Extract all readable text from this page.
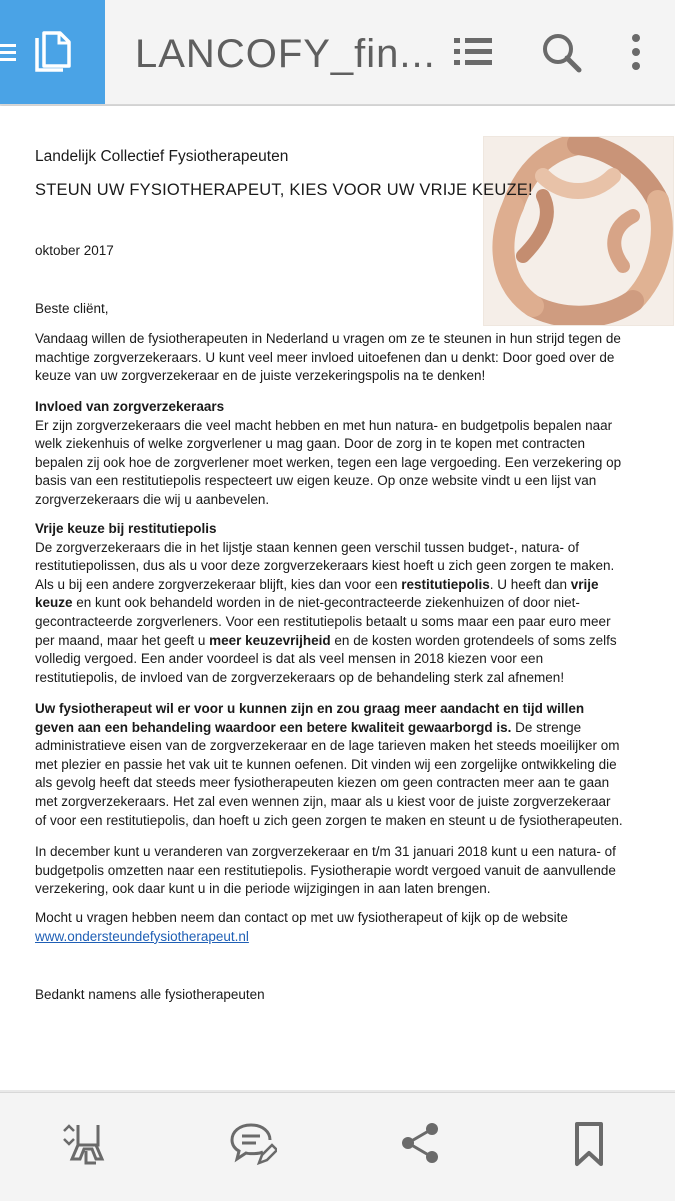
LANCOFY_fin...
Landelijk Collectief Fysiotherapeuten
STEUN UW FYSIOTHERAPEUT, KIES VOOR UW VRIJE KEUZE!
oktober 2017
Beste cliënt,
Vandaag willen de fysiotherapeuten in Nederland u vragen om ze te steunen in hun strijd tegen de machtige zorgverzekeraars. U kunt veel meer invloed uitoefenen dan u denkt: Door goed over de keuze van uw zorgverzekeraar en de juiste verzekeringspolis na te denken!
Invloed van zorgverzekeraars
Er zijn zorgverzekeraars die veel macht hebben en met hun natura- en budgetpolis bepalen naar welk ziekenhuis of welke zorgverlener u mag gaan. Door de zorg in te kopen met contracten bepalen zij ook hoe de zorgverlener moet werken, tegen een lage vergoeding. Een verzekering op basis van een restitutiepolis respecteert uw eigen keuze. Op onze website vindt u een lijst van zorgverzekeraars die wij u aanbevelen.
Vrije keuze bij restitutiepolis
De zorgverzekeraars die in het lijstje staan kennen geen verschil tussen budget-, natura- of restitutiepolissen, dus als u voor deze zorgverzekeraars kiest hoeft u zich geen zorgen te maken. Als u bij een andere zorgverzekeraar blijft, kies dan voor een restitutiepolis. U heeft dan vrije keuze en kunt ook behandeld worden in de niet-gecontracteerde ziekenhuizen of door niet-gecontracteerde zorgverleners. Voor een restitutiepolis betaalt u soms maar een paar euro meer per maand, maar het geeft u meer keuzevrijheid en de kosten worden grotendeels of soms zelfs volledig vergoed. Een ander voordeel is dat als veel mensen in 2018 kiezen voor een restitutiepolis, de invloed van de zorgverzekeraars op de behandeling sterk zal afnemen!
Uw fysiotherapeut wil er voor u kunnen zijn en zou graag meer aandacht en tijd willen geven aan een behandeling waardoor een betere kwaliteit gewaarborgd is. De strenge administratieve eisen van de zorgverzekeraar en de lage tarieven maken het steeds moeilijker om met plezier en passie het vak uit te kunnen oefenen. Dit vinden wij een zorgelijke ontwikkeling die als gevolg heeft dat steeds meer fysiotherapeuten kiezen om geen contracten meer aan te gaan met zorgverzekeraars. Het zal even wennen zijn, maar als u kiest voor de juiste zorgverzekeraar of voor een restitutiepolis, dan hoeft u zich geen zorgen te maken en steunt u de fysiotherapeuten.
In december kunt u veranderen van zorgverzekeraar en t/m 31 januari 2018 kunt u een natura- of budgetpolis omzetten naar een restitutiepolis. Fysiotherapie wordt vergoed vanuit de aanvullende verzekering, ook daar kunt u in die periode wijzigingen in aan laten brengen.
Mocht u vragen hebben neem dan contact op met uw fysiotherapeut of kijk op de website
www.ondersteundefysiotherapeut.nl
Bedankt namens alle fysiotherapeuten
